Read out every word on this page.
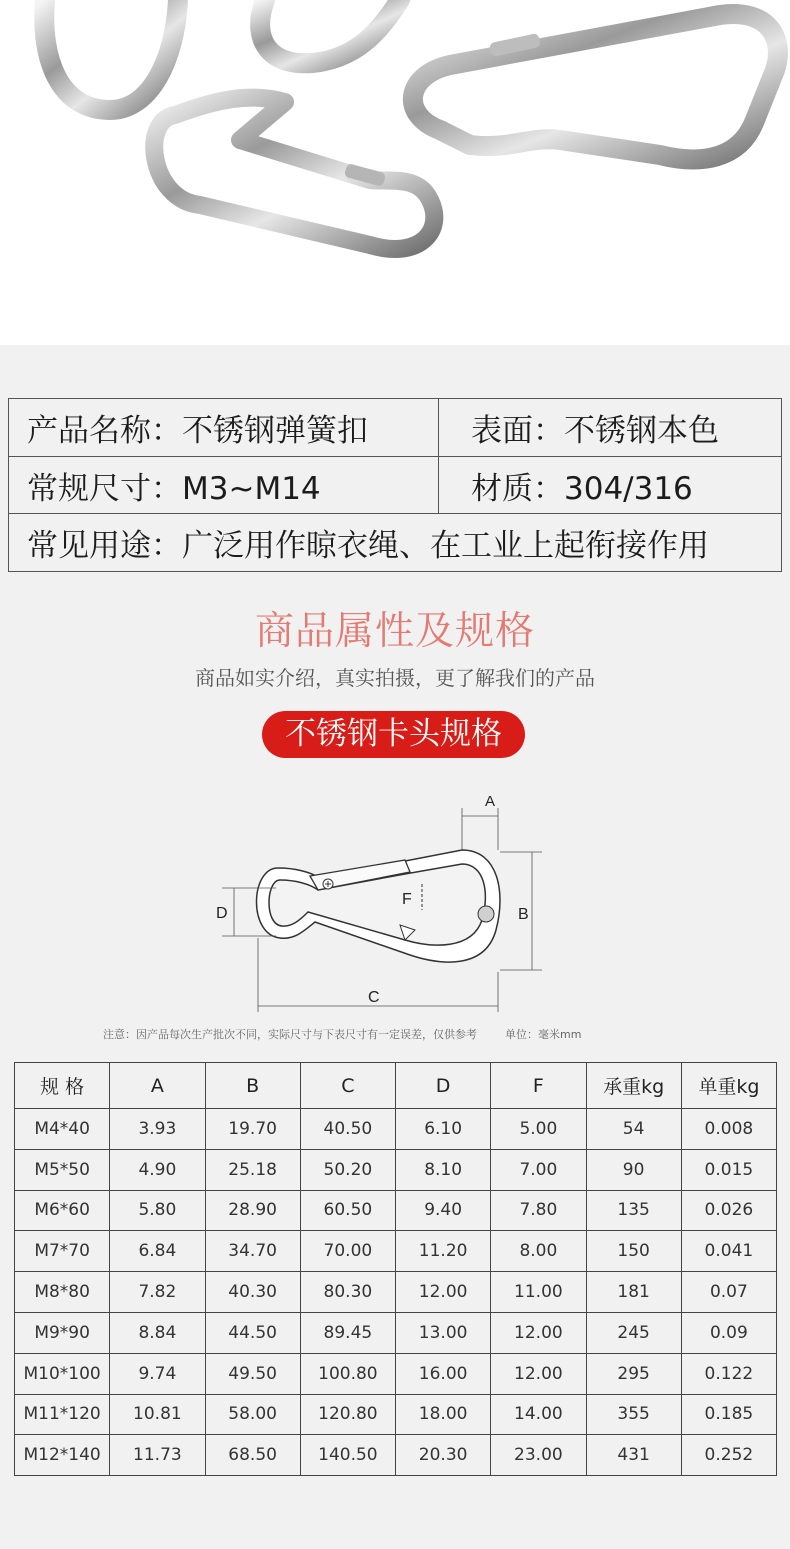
产品名称：不锈钢弹簧扣	表面：不锈钢本色
常规尺寸：M3~M14	材质：304/316
常见用途：广泛用作晾衣绳、在工业上起衔接作用
商品属性及规格
商品如实介绍，真实拍摄，更了解我们的产品
不锈钢卡头规格
F
A
B
D
C
注意：因产品每次生产批次不同，实际尺寸与下表尺寸有一定误差，仅供参考	单位：毫米mm
规 格	A	B	C	D	F	承重kg	单重kg
M4*40	3.93	19.70	40.50	6.10	5.00	54	0.008
M5*50	4.90	25.18	50.20	8.10	7.00	90	0.015
M6*60	5.80	28.90	60.50	9.40	7.80	135	0.026
M7*70	6.84	34.70	70.00	11.20	8.00	150	0.041
M8*80	7.82	40.30	80.30	12.00	11.00	181	0.07
M9*90	8.84	44.50	89.45	13.00	12.00	245	0.09
M10*100	9.74	49.50	100.80	16.00	12.00	295	0.122
M11*120	10.81	58.00	120.80	18.00	14.00	355	0.185
M12*140	11.73	68.50	140.50	20.30	23.00	431	0.252
